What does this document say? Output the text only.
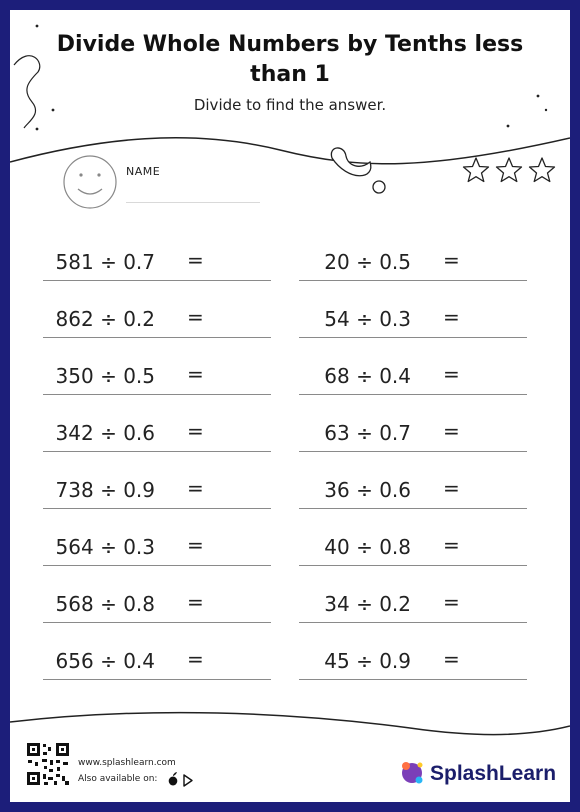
Divide Whole Numbers by Tenths less
than 1
Divide to find the answer.
NAME
581 ÷ 0.7 =	20 ÷ 0.5 =
862 ÷ 0.2 =	54 ÷ 0.3 =
350 ÷ 0.5 =	68 ÷ 0.4 =
342 ÷ 0.6 =	63 ÷ 0.7 =
738 ÷ 0.9 =	36 ÷ 0.6 =
564 ÷ 0.3 =	40 ÷ 0.8 =
568 ÷ 0.8 =	34 ÷ 0.2 =
656 ÷ 0.4 =	45 ÷ 0.9 =
www.splashlearn.com
Also available on:	SplashLearn
